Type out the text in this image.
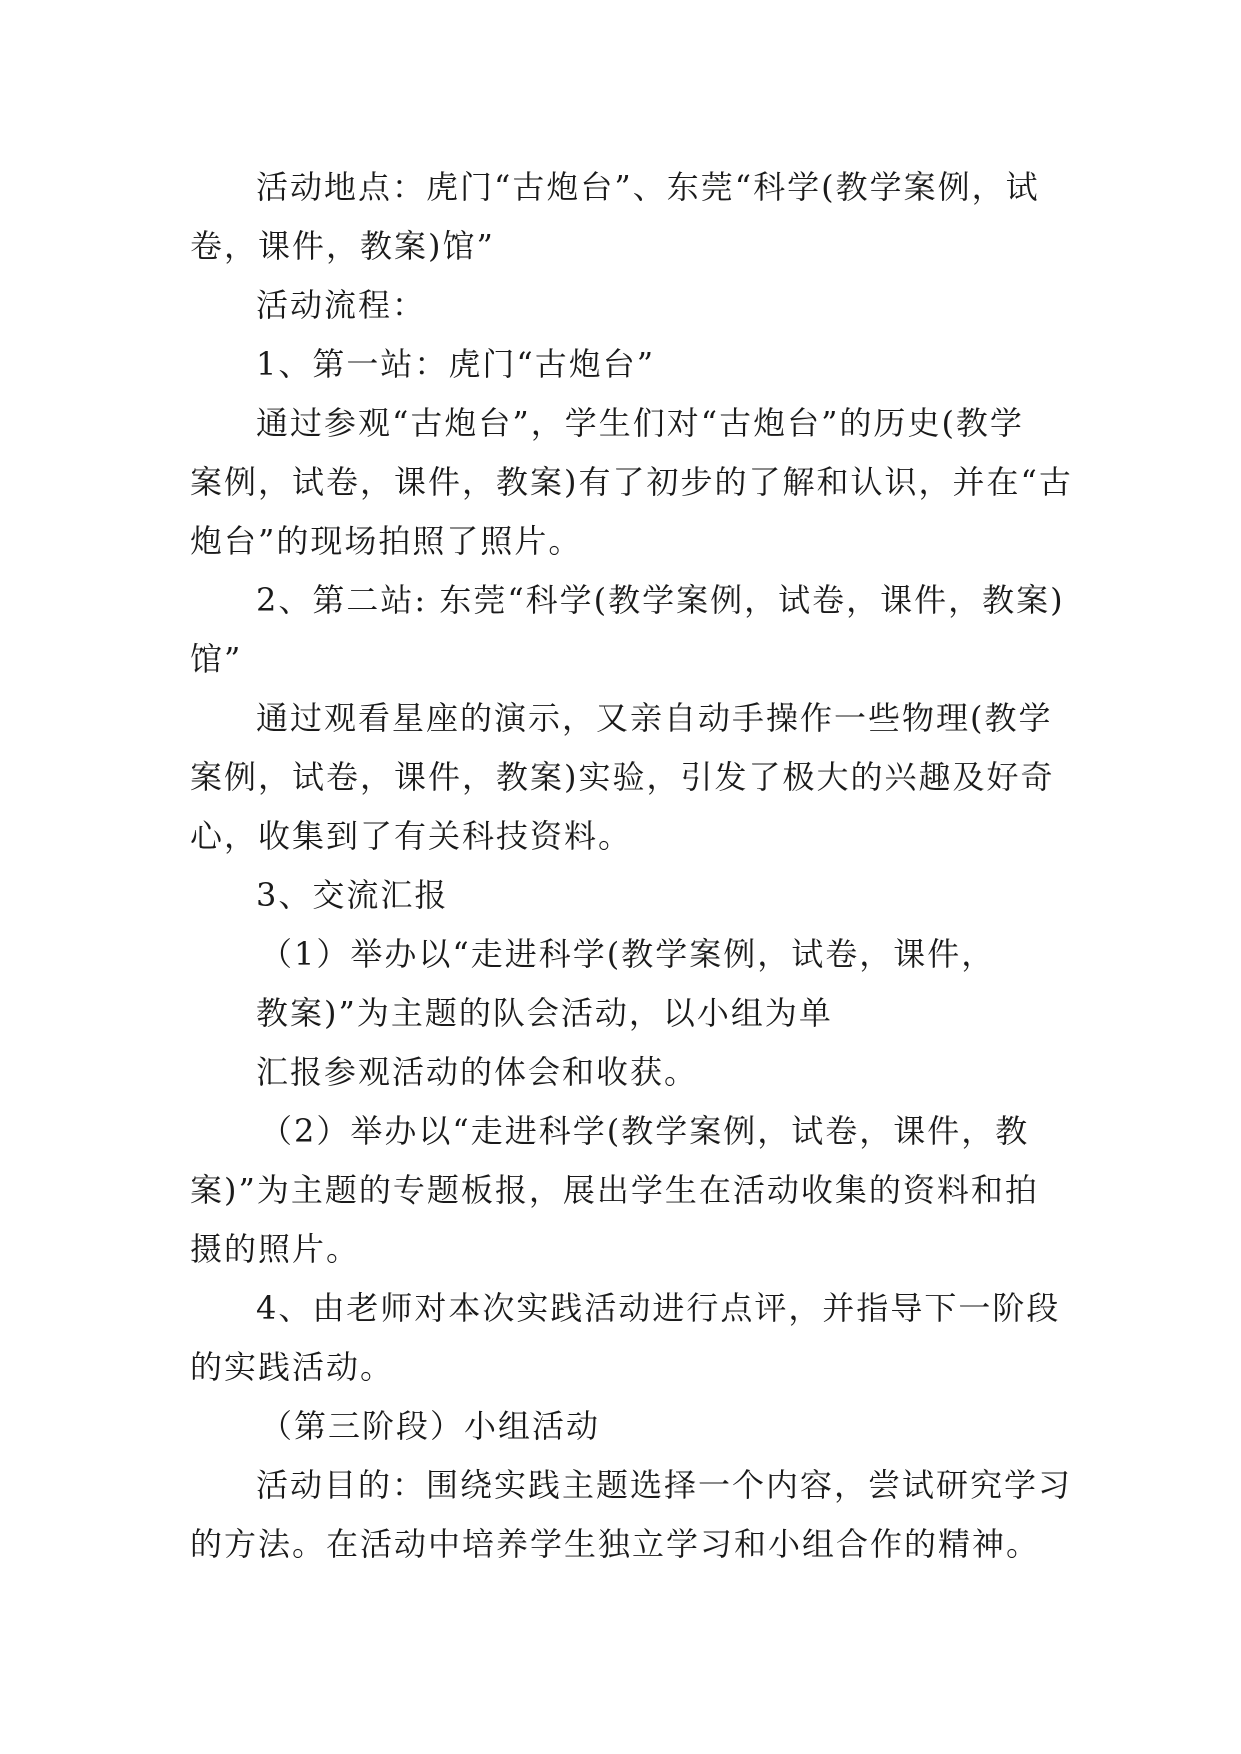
活动地点：虎门“古炮台”、东莞“科学(教学案例，试
卷，课件，教案)馆”
活动流程：
1、第一站：虎门“古炮台”
通过参观“古炮台”，学生们对“古炮台”的历史(教学
案例，试卷，课件，教案)有了初步的了解和认识，并在“古
炮台”的现场拍照了照片。
2、第二站: 东莞“科学(教学案例，试卷，课件，教案)
馆”
通过观看星座的演示，又亲自动手操作一些物理(教学
案例，试卷，课件，教案)实验，引发了极大的兴趣及好奇
心，收集到了有关科技资料。
3、交流汇报
（1）举办以“走进科学(教学案例，试卷，课件，
教案)”为主题的队会活动，以小组为单
汇报参观活动的体会和收获。
（2）举办以“走进科学(教学案例，试卷，课件，教
案)”为主题的专题板报，展出学生在活动收集的资料和拍
摄的照片。
4、由老师对本次实践活动进行点评，并指导下一阶段
的实践活动。
（第三阶段）小组活动
活动目的：围绕实践主题选择一个内容，尝试研究学习
的方法。在活动中培养学生独立学习和小组合作的精神。
